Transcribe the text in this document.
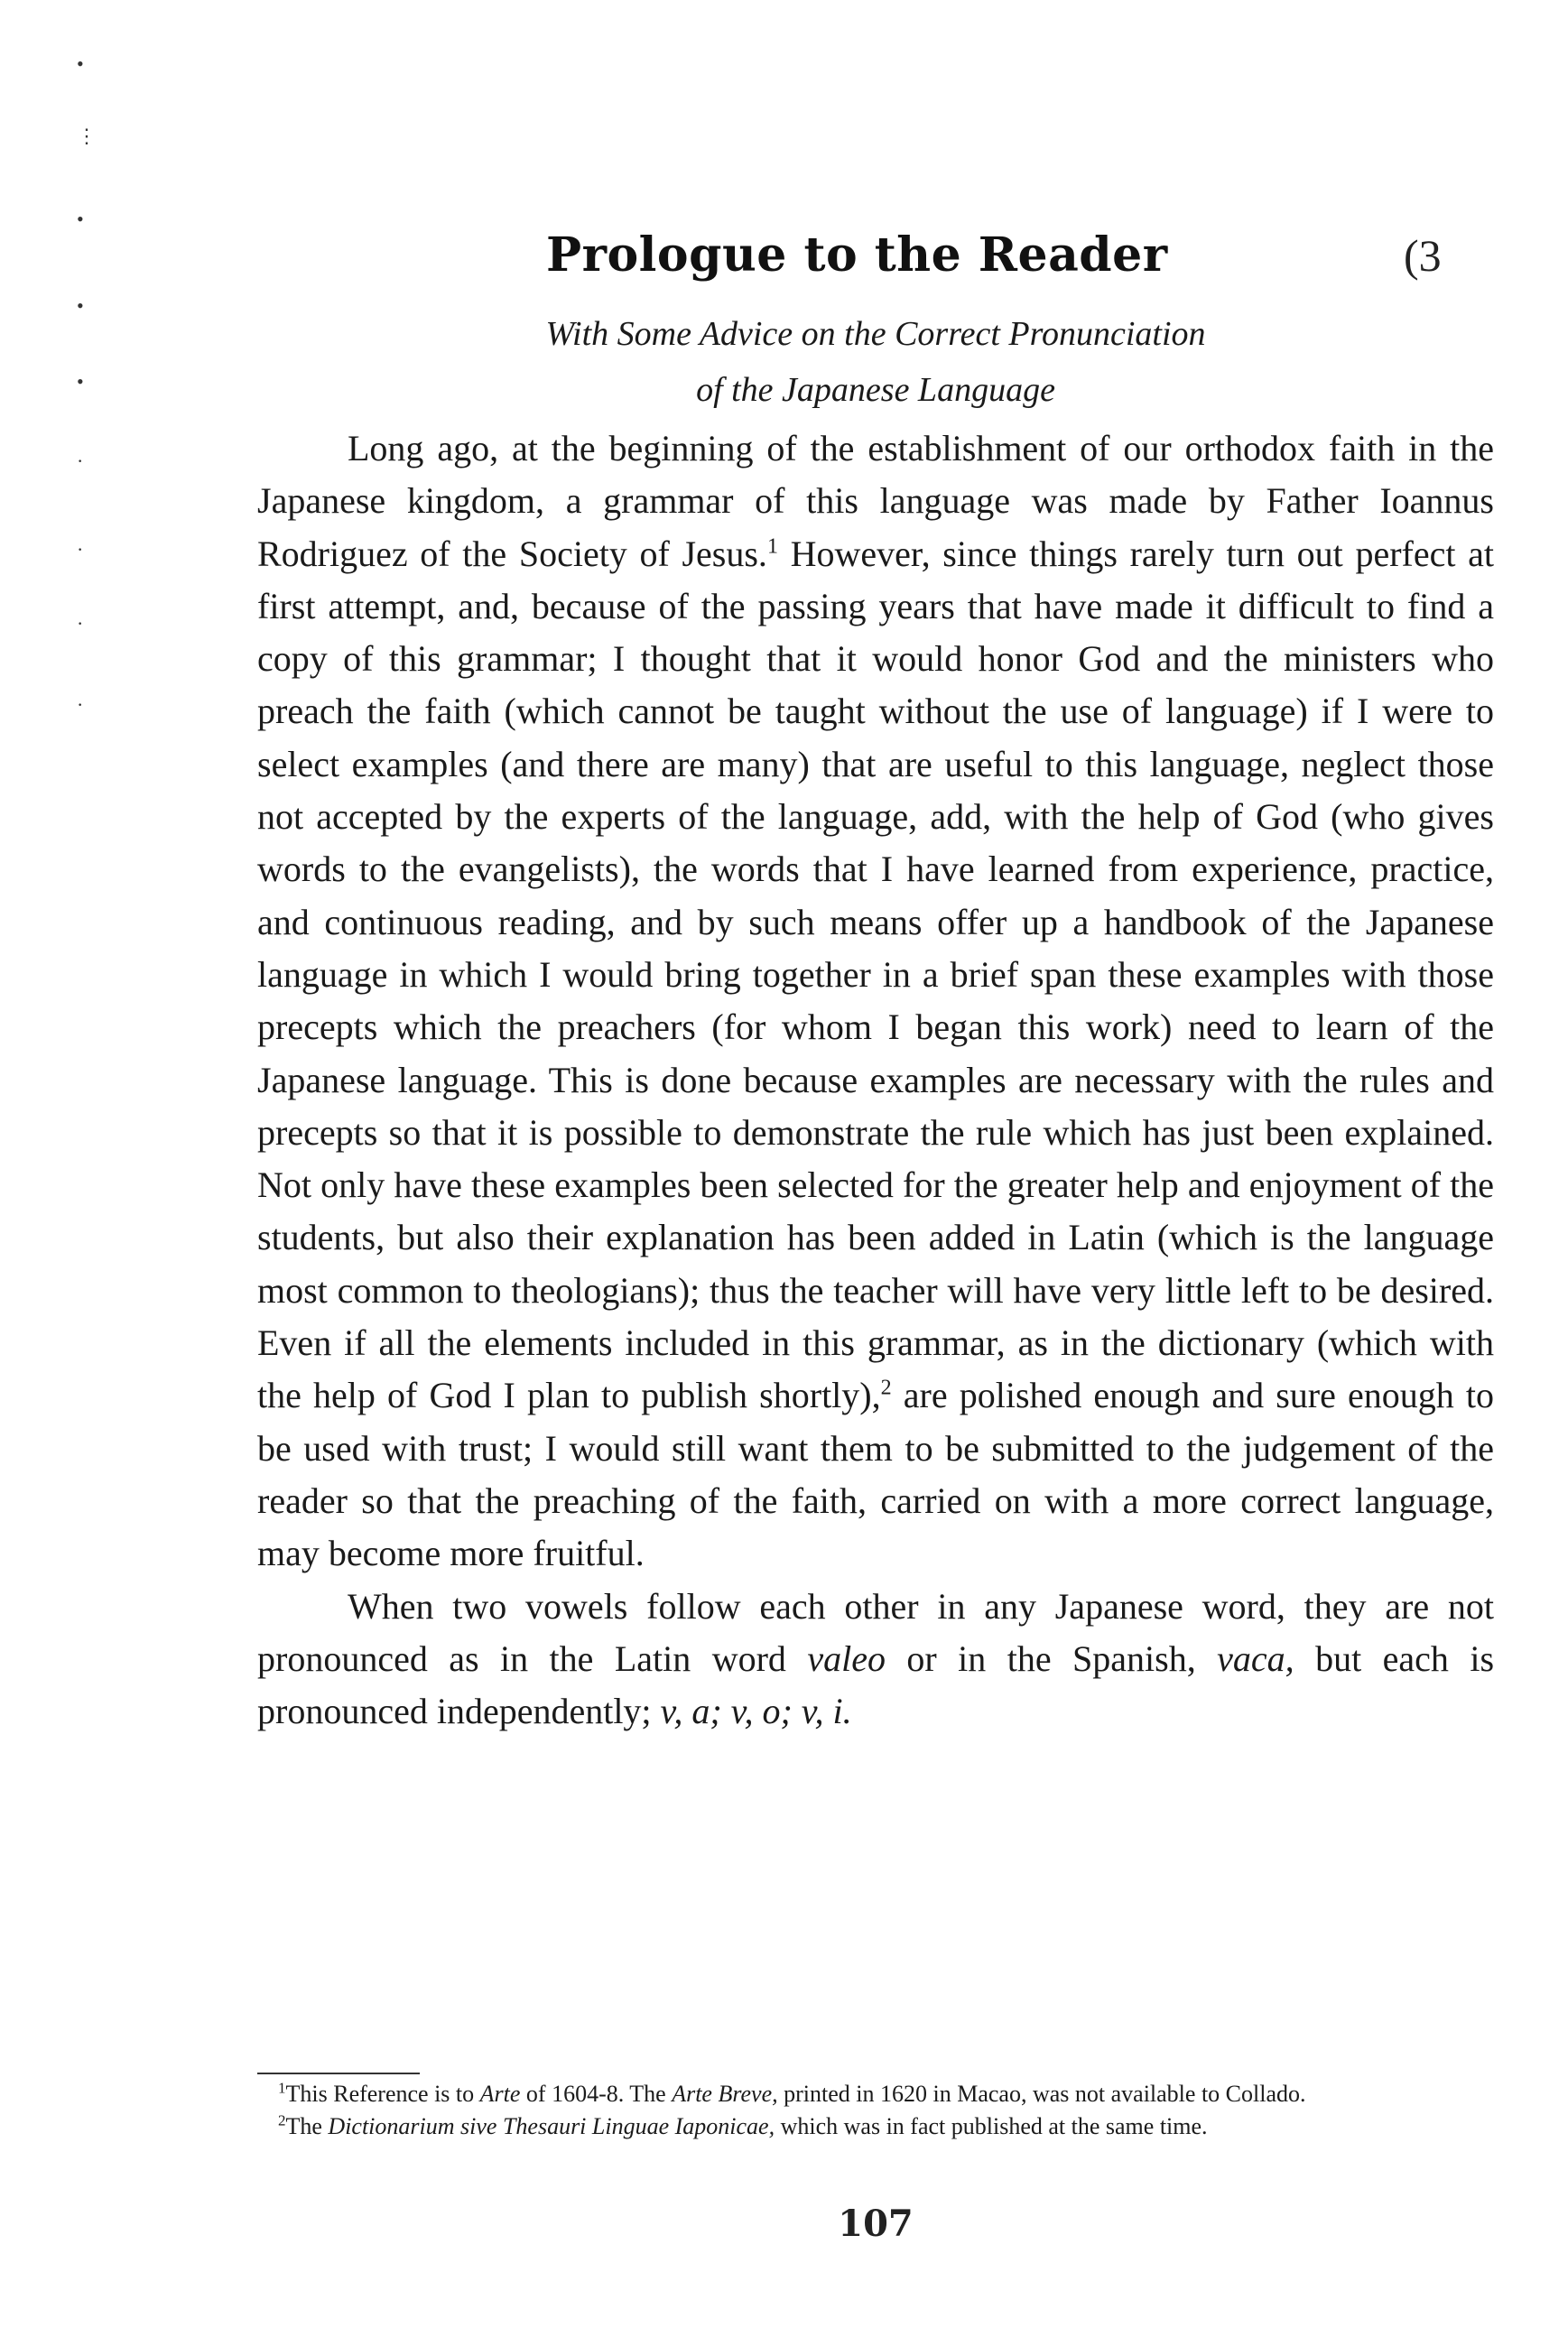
•
⋮
•
•
•
·
·
·
·
Prologue to the Reader	(3
With Some Advice on the Correct Pronunciation
of the Japanese Language

Long ago, at the beginning of the establishment of our orthodox faith in the Japanese kingdom, a grammar of this language was made by Father Ioannus Rodriguez of the Society of Jesus.$^1$ However, since things rarely turn out perfect at first attempt, and, because of the passing years that have made it difficult to find a copy of this grammar; I thought that it would honor God and the ministers who preach the faith (which cannot be taught without the use of language) if I were to select examples (and there are many) that are useful to this language, neglect those not accepted by the experts of the language, add, with the help of God (who gives words to the evangelists), the words that I have learned from experience, practice, and continuous reading, and by such means offer up a handbook of the Japanese language in which I would bring together in a brief span these examples with those precepts which the preachers (for whom I began this work) need to learn of the Japanese language. This is done because examples are necessary with the rules and precepts so that it is possible to demonstrate the rule which has just been explained. Not only have these examples been selected for the greater help and enjoyment of the students, but also their explanation has been added in Latin (which is the language most common to theologians); thus the teacher will have very little left to be desired. Even if all the elements included in this grammar, as in the dictionary (which with the help of God I plan to publish shortly),$^2$ are polished enough and sure enough to be used with trust; I would still want them to be submitted to the judgement of the reader so that the preaching of the faith, carried on with a more correct language, may become more fruitful.

When two vowels follow each other in any Japanese word, they are not pronounced as in the Latin word valeo or in the Spanish, vaca, but each is pronounced independently; v, a; v, o; v, i.

$^1$This Reference is to Arte of 1604-8. The Arte Breve, printed in 1620 in Macao, was not available to Collado.

$^2$The Dictionarium sive Thesauri Linguae Iaponicae, which was in fact published at the same time.

107
